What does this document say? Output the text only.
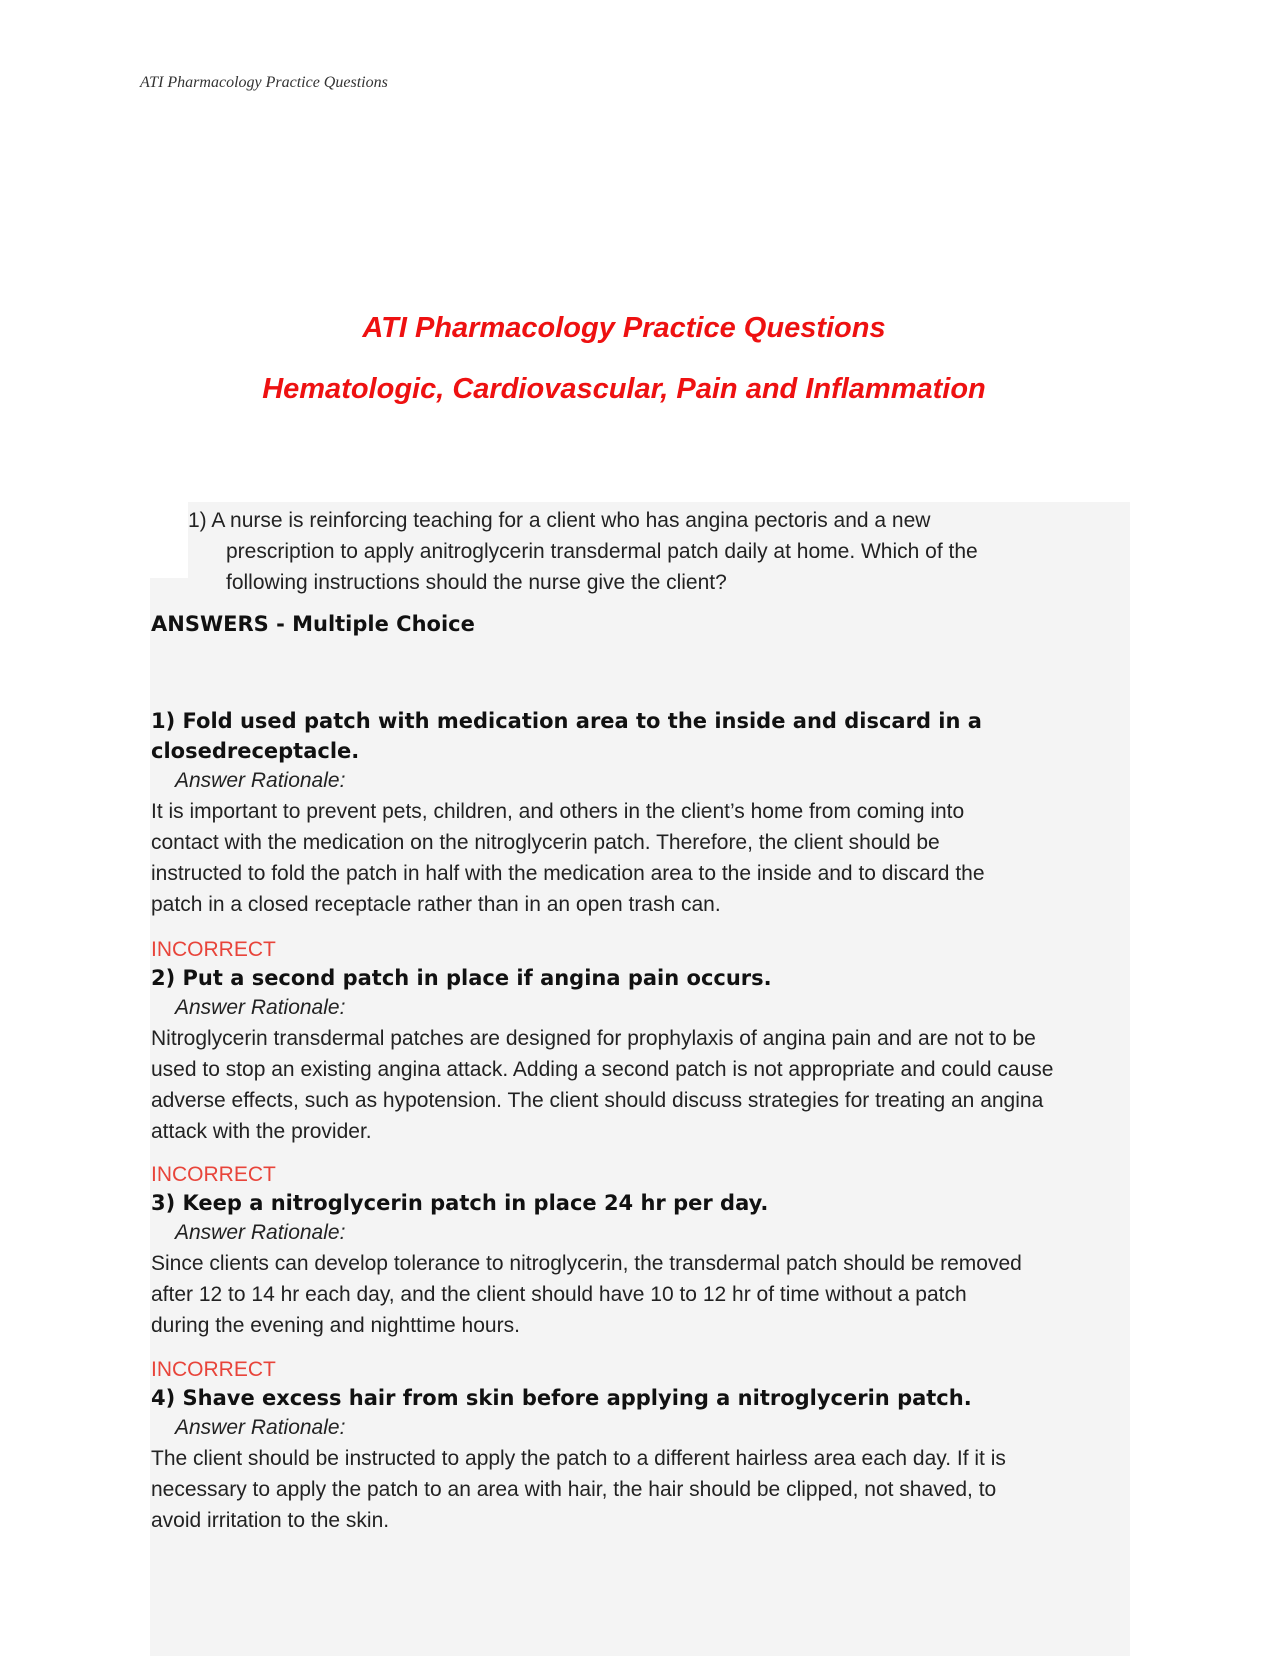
ATI Pharmacology Practice Questions
ATI Pharmacology Practice Questions
Hematologic, Cardiovascular, Pain and Inflammation
1) A nurse is reinforcing teaching for a client who has angina pectoris and a new
prescription to apply anitroglycerin transdermal patch daily at home. Which of the
following instructions should the nurse give the client?
ANSWERS - Multiple Choice
1) Fold used patch with medication area to the inside and discard in a
closedreceptacle.
Answer Rationale:
It is important to prevent pets, children, and others in the client’s home from coming into
contact with the medication on the nitroglycerin patch. Therefore, the client should be
instructed to fold the patch in half with the medication area to the inside and to discard the
patch in a closed receptacle rather than in an open trash can.
INCORRECT
2) Put a second patch in place if angina pain occurs.
Answer Rationale:
Nitroglycerin transdermal patches are designed for prophylaxis of angina pain and are not to be
used to stop an existing angina attack. Adding a second patch is not appropriate and could cause
adverse effects, such as hypotension. The client should discuss strategies for treating an angina
attack with the provider.
INCORRECT
3) Keep a nitroglycerin patch in place 24 hr per day.
Answer Rationale:
Since clients can develop tolerance to nitroglycerin, the transdermal patch should be removed
after 12 to 14 hr each day, and the client should have 10 to 12 hr of time without a patch
during the evening and nighttime hours.
INCORRECT
4) Shave excess hair from skin before applying a nitroglycerin patch.
Answer Rationale:
The client should be instructed to apply the patch to a different hairless area each day. If it is
necessary to apply the patch to an area with hair, the hair should be clipped, not shaved, to
avoid irritation to the skin.
